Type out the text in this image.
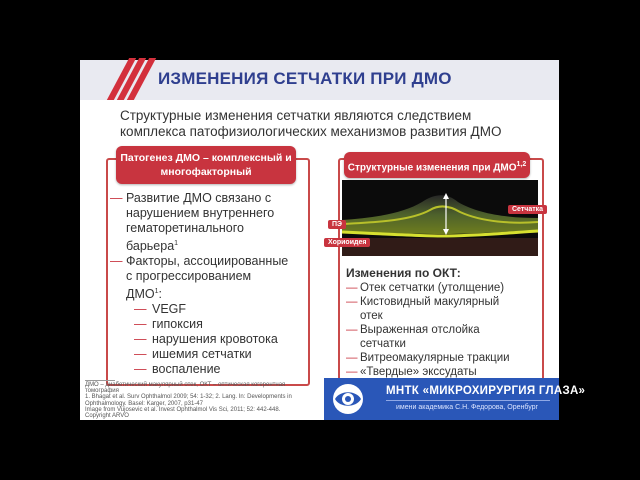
ИЗМЕНЕНИЯ СЕТЧАТКИ ПРИ ДМО
Структурные изменения сетчатки являются следствием
комплекса патофизиологических механизмов развития ДМО
Патогенез ДМО – комплексный и
многофакторный
— Развитие ДМО связано с
нарушением внутреннего
гематоретинального
барьера$^1$
— Факторы, ассоциированные
с прогрессированием
ДМО$^1$:
— VEGF
— гипоксия
— нарушения кровотока
— ишемия сетчатки
— воспаление
Структурные изменения при ДМО$^{1,2}$
ПЭ
Хориоидея
Сетчатка
Изменения по ОКТ:
— Отек сетчатки (утолщение)
— Кистовидный макулярный
отек
— Выраженная отслойка
сетчатки
— Витреомакулярные тракции
— «Твердые» экссудаты
ДМО – диабетический макулярный отек, ОКТ – оптическая когерентная
томография
1. Bhagat et al. Surv Ophthalmol 2009; 54: 1-32; 2. Lang. In: Developments in
Ophthalmology. Basel: Karger, 2007, p31-47
Image from Vujosevic et al. Invest Ophthalmol Vis Sci, 2011; 52: 442-448.
Copyright ARVO
МНТК «МИКРОХИРУРГИЯ ГЛАЗА»
имени академика С.Н. Федорова, Оренбург
